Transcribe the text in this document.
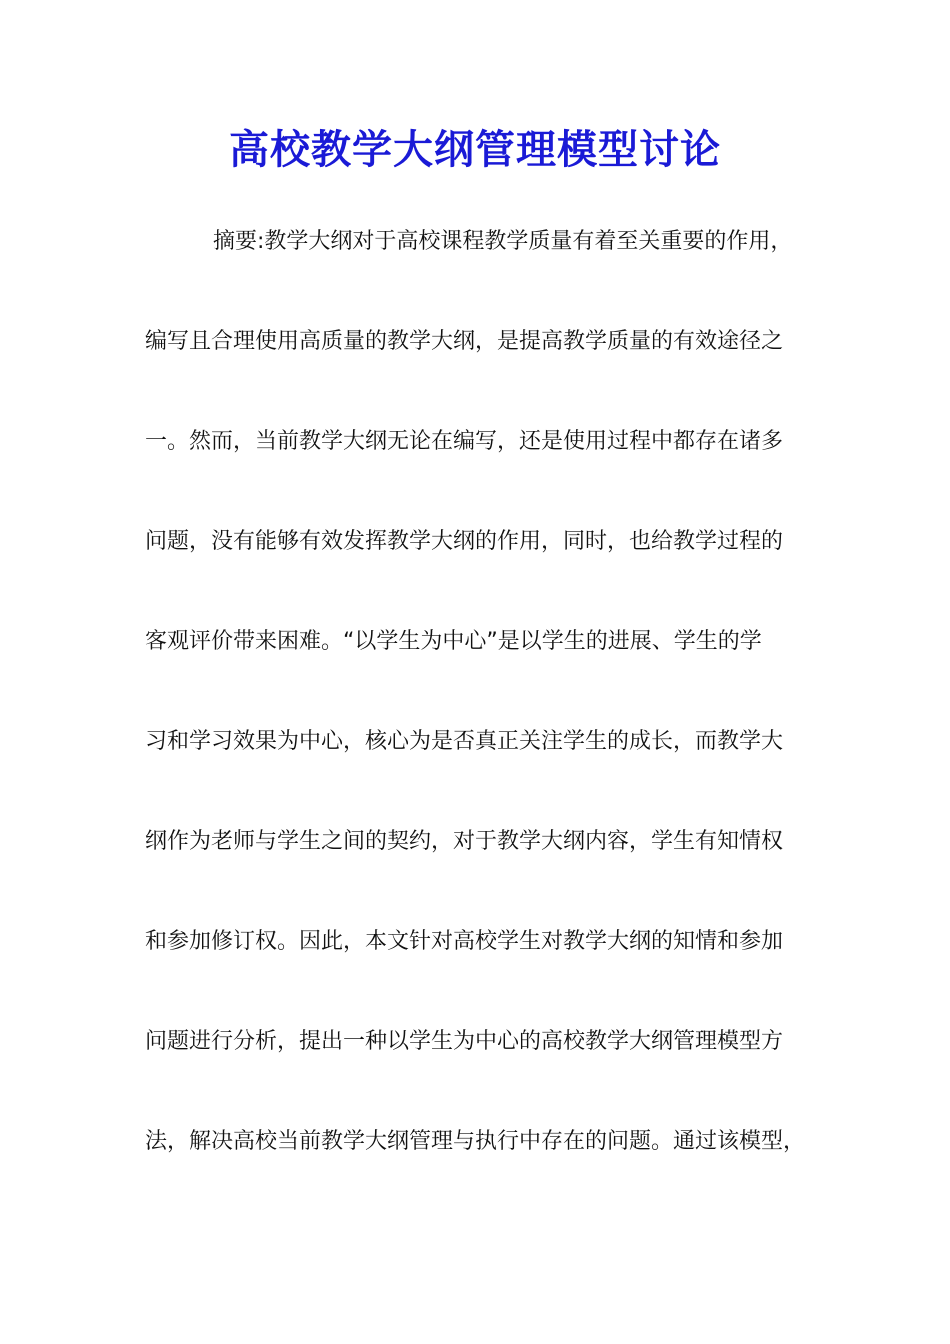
高校教学大纲管理模型讨论
摘要:教学大纲对于高校课程教学质量有着至关重要的作用，
编写且合理使用高质量的教学大纲，是提高教学质量的有效途径之
一。然而，当前教学大纲无论在编写，还是使用过程中都存在诸多
问题，没有能够有效发挥教学大纲的作用，同时，也给教学过程的
客观评价带来困难。“以学生为中心”是以学生的进展、学生的学
习和学习效果为中心，核心为是否真正关注学生的成长，而教学大
纲作为老师与学生之间的契约，对于教学大纲内容，学生有知情权
和参加修订权。因此，本文针对高校学生对教学大纲的知情和参加
问题进行分析，提出一种以学生为中心的高校教学大纲管理模型方
法，解决高校当前教学大纲管理与执行中存在的问题。通过该模型，
